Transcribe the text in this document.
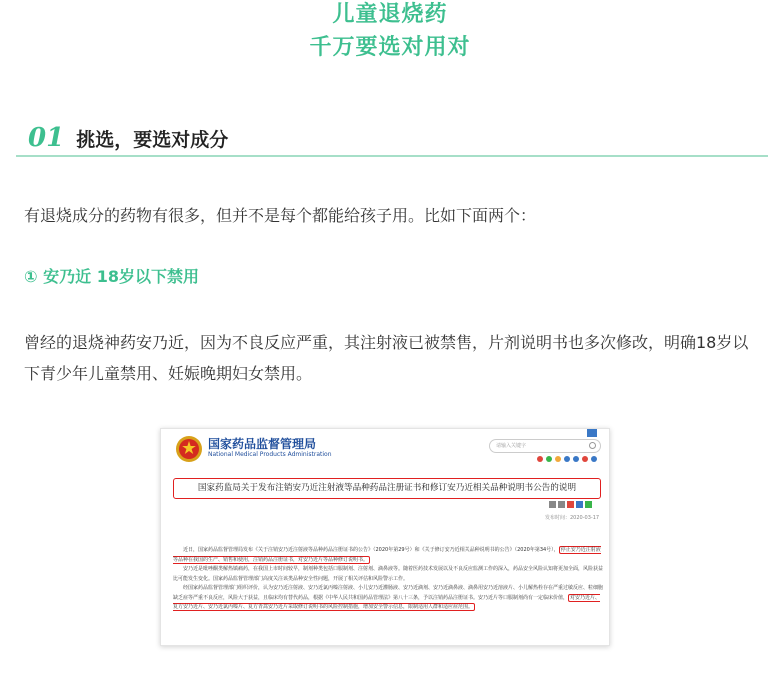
儿童退烧药
千万要选对用对
01 挑选，要选对成分
有退烧成分的药物有很多，但并不是每个都能给孩子用。比如下面两个：
① 安乃近 18岁以下禁用
曾经的退烧神药安乃近，因为不良反应严重，其注射液已被禁售，片剂说明书也多次修改，明确18岁以下青少年儿童禁用、妊娠晚期妇女禁用。
国家药品监督管理局
National Medical Products Administration
请输入关键字
国家药监局关于发布注销安乃近注射液等品种药品注册证书和修订安乃近相关品种说明书公告的说明
发布时间：2020-03-17

近日，国家药品监督管理局发布《关于注销安乃近注射液等品种药品注册证书的公告》（2020年第29号）和《关于修订安乃近相关品种说明书的公告》（2020年第34号）， 停止安乃近注射液等品种在我国的生产、销售和使用，注销药品注册证书，对安乃近片等品种修订说明书。

安乃近是吡唑酮类解热镇痛药，在我国上市时间较早，制剂种类包括口服制剂、注射剂、滴鼻液等。随着医药技术发展以及不良反应监测工作的深入，药品安全风险认知将更加全面，风险获益比可能发生变化。国家药品监督管理部门高度关注该类品种安全性问题，开展了相关评估和风险警示工作。

经国家药品监督管理部门组织评价，认为安乃近注射液、安乃近氯丙嗪注射液、小儿安乃近灌肠液、安乃近滴剂、安乃近滴鼻液、滴鼻用安乃近溶液片、小儿解热栓存在严重过敏反应、粒细胞缺乏症等严重不良反应，风险大于获益，且临床均有替代药品，根据《中华人民共和国药品管理法》第八十三条，予以注销药品注册证书。安乃近片等口服制剂尚有一定临床价值， 对安乃近片、复方安乃近片、安乃近氯丙嗪片、复方青蒿安乃近片采取修订说明书的风险控制措施，增加安全警示信息，限制适用人群和适应症范围。
